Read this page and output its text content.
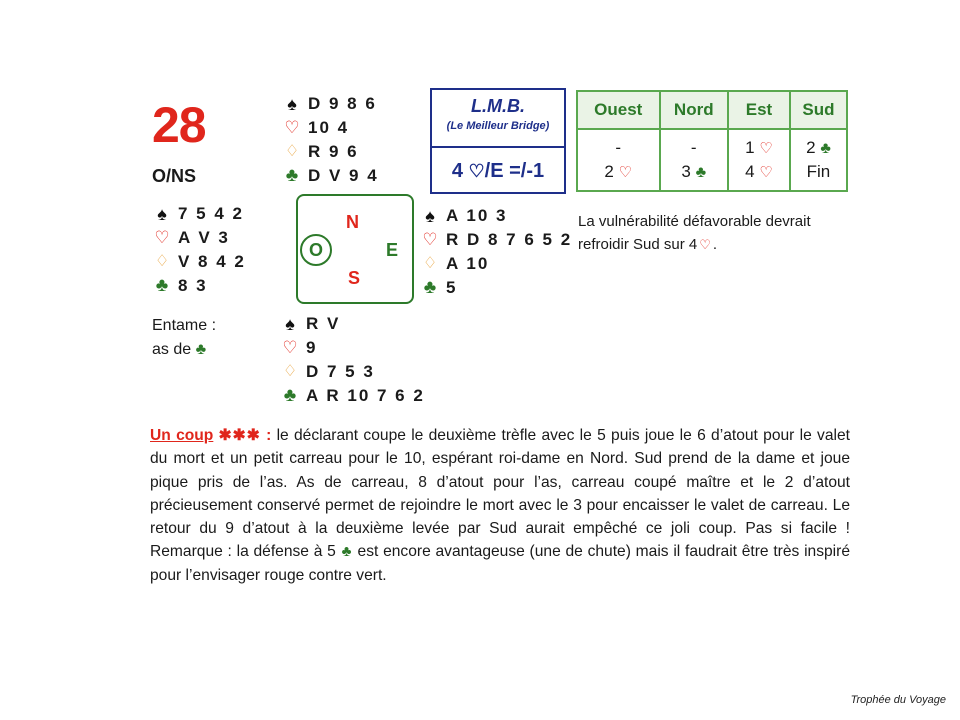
28
O/NS
♠ D 9 8 6
♡ 10 4
♢ R 9 6
♣ D V 9 4
♠ 7 5 4 2
♡ A V 3
♢ V 8 4 2
♣ 8 3
Entame :
as de ♣
N
E
S
O
♠ A 10 3
♡ R D 8 7 6 5 2
♢ A 10
♣ 5
♠ R V
♡ 9
♢ D 7 5 3
♣ A R 10 7 6 2
L.M.B.
(Le Meilleur Bridge)
4 ♡/E =/-1
Ouest	Nord	Est	Sud
-	-	1 ♡	2 ♣
2 ♡	3 ♣	4 ♡	Fin
La vulnérabilité défavorable devrait refroidir Sud sur 4 ♡ .
Un coup ✱✱✱ : le déclarant coupe le deuxième trèfle avec le 5 puis joue le 6 d’atout pour le valet du mort et un petit carreau pour le 10, espérant roi-dame en Nord. Sud prend de la dame et joue pique pris de l’as. As de carreau, 8 d’atout pour l’as, carreau coupé maître et le 2 d’atout précieusement conservé permet de rejoindre le mort avec le 3 pour encaisser le valet de carreau. Le retour du 9 d’atout à la deuxième levée par Sud aurait empêché ce joli coup. Pas si facile ! Remarque : la défense à 5 ♣ est encore avantageuse (une de chute) mais il faudrait être très inspiré pour l’envisager rouge contre vert.
Trophée du Voyage
